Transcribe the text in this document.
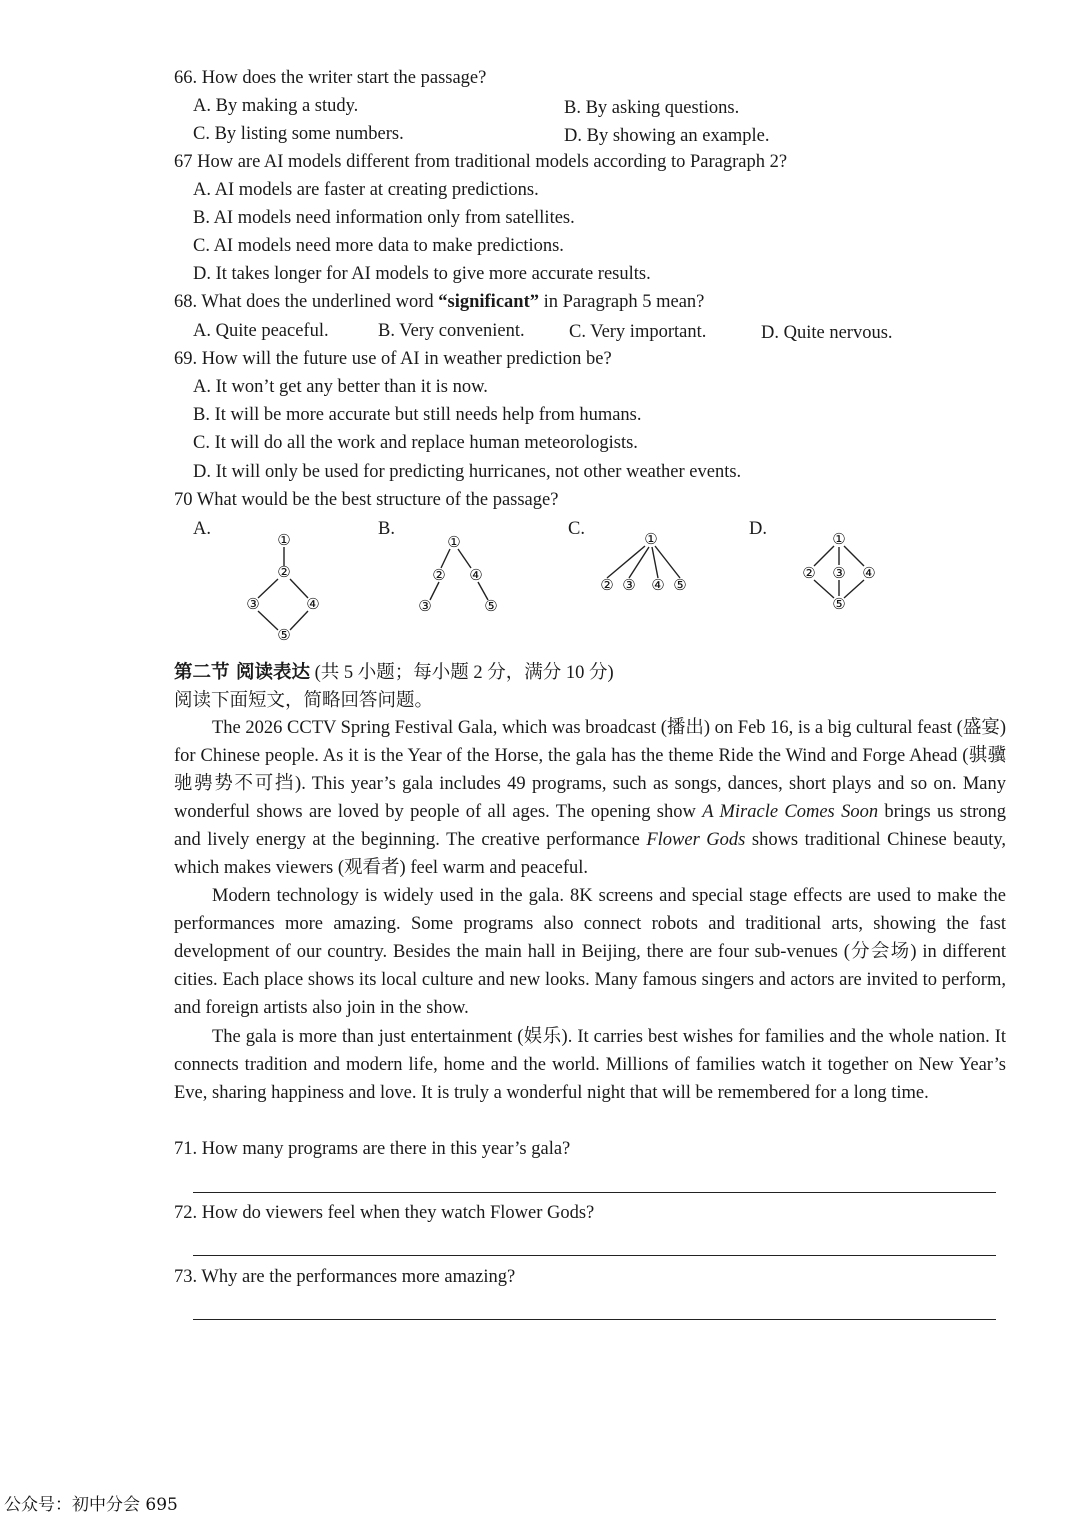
66. How does the writer start the passage?
A. By making a study.	B. By asking questions.
C. By listing some numbers.	D. By showing an example.
67 How are AI models different from traditional models according to Paragraph 2?
A. AI models are faster at creating predictions.
B. AI models need information only from satellites.
C. AI models need more data to make predictions.
D. It takes longer for AI models to give more accurate results.
68. What does the underlined word “significant” in Paragraph 5 mean?
A. Quite peaceful.	B. Very convenient. C. Very important.	D. Quite nervous.
69. How will the future use of AI in weather prediction be?
A. It won’t get any better than it is now.
B. It will be more accurate but still needs help from humans.
C. It will do all the work and replace human meteorologists.
D. It will only be used for predicting hurricanes, not other weather events.
70 What would be the best structure of the passage?
A.	B.	C.	D.
①
②
③	④
⑤
①
② ④
③	⑤
①
② ③ ④ ⑤
①
② ③ ④
⑤
第二节 阅读表达 (共 5 小题；每小题 2 分，满分 10 分)
阅读下面短文，简略回答问题。
The 2026 CCTV Spring Festival Gala, which was broadcast (播出) on Feb 16, is a big cultural feast (盛宴) for Chinese people. As it is the Year of the Horse, the gala has the theme Ride the Wind and Forge Ahead (骐骥驰骋势不可挡). This year’s gala includes 49 programs, such as songs, dances, short plays and so on. Many wonderful shows are loved by people of all ages. The opening show A Miracle Comes Soon brings us strong and lively energy at the beginning. The creative performance Flower Gods shows traditional Chinese beauty, which makes viewers (观看者) feel warm and peaceful.
Modern technology is widely used in the gala. 8K screens and special stage effects are used to make the performances more amazing. Some programs also connect robots and traditional arts, showing the fast development of our country. Besides the main hall in Beijing, there are four sub-venues (分会场) in different cities. Each place shows its local culture and new looks. Many famous singers and actors are invited to perform, and foreign artists also join in the show.
The gala is more than just entertainment (娱乐). It carries best wishes for families and the whole nation. It connects tradition and modern life, home and the world. Millions of families watch it together on New Year’s Eve, sharing happiness and love. It is truly a wonderful night that will be remembered for a long time.
71. How many programs are there in this year’s gala?
72. How do viewers feel when they watch Flower Gods?
73. Why are the performances more amazing?
公众号：初中分会 695
